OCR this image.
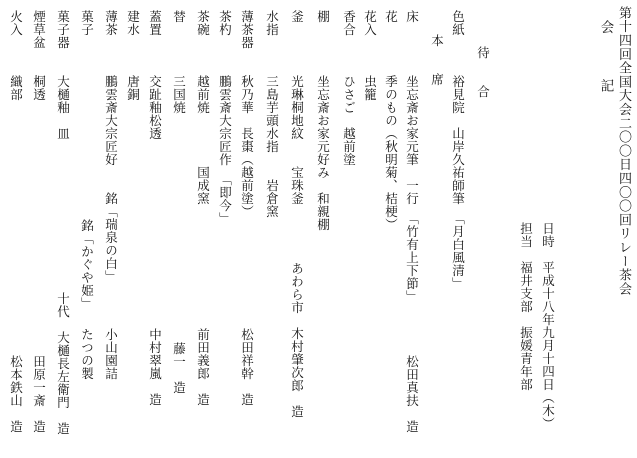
第十四回全国大会二〇〇日四〇〇回リレー茶会
会　　記
日時　平成十八年九月十四日（木）
担当　福井支部　振媛青年部
待　　合
色紙
裕見院　山岸久祐師筆　「月白風清」
本　　席
床
坐忘斎お家元筆　一行　「竹有上下節」
松田真扶　造
花
季のもの（秋明菊、桔梗）
花入
虫籠
香合
ひさご　越前塗
棚
坐忘斎お家元好み　和親棚
釜
光琳桐地紋　　宝珠釜
あわら市　木村肇次郎　造
水指
三島芋頭水指　　岩倉窯
薄茶器
秋乃華　長棗（越前塗）
松田祥幹　造
茶杓
鵬雲斎大宗匠作　「即今」
茶碗
越前焼　　　　国成窯
前田義郎　造
替
三国焼
藤一　造
蓋置
交趾釉松透
中村翠嵐　造
建水
唐銅
薄茶
鵬雲斎大宗匠好　　銘「瑞泉の白」
小山園詰
菓子
銘「かぐや姫」
たつの製
菓子器
大樋釉　皿
十代　大樋長左衛門　造
煙草盆
桐透
田原一斎　造
火入
織部
松本鉄山　造
